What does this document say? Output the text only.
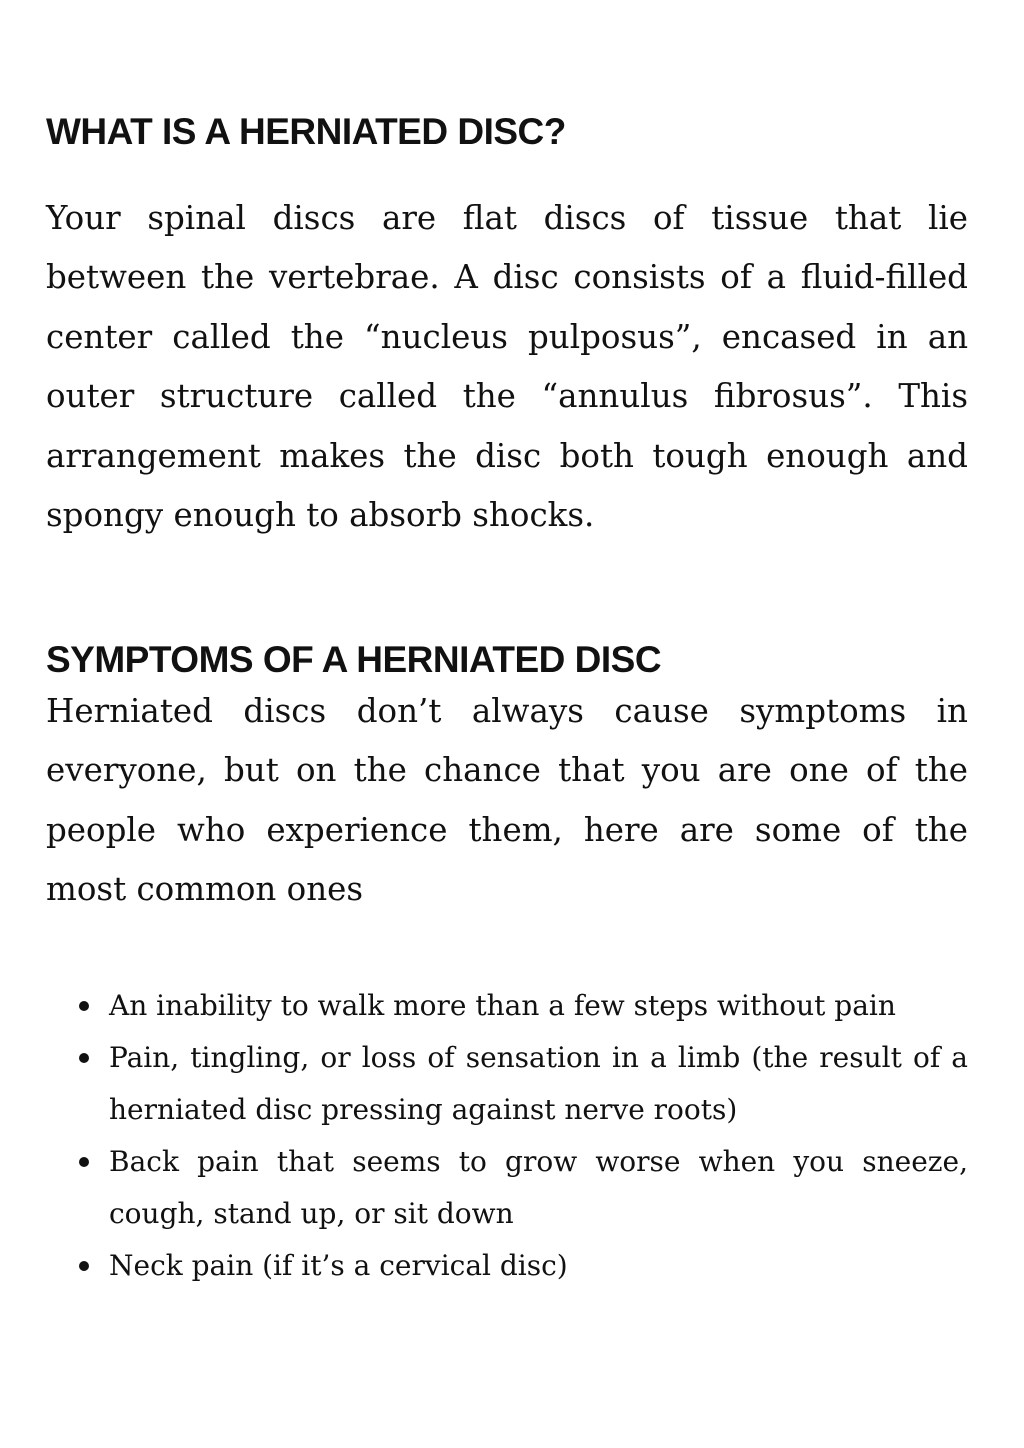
WHAT IS A HERNIATED DISC?

Your spinal discs are flat discs of tissue that lie between the vertebrae. A disc consists of a fluid-filled center called the “nucleus pulposus”, encased in an outer structure called the “annulus fibrosus”. This arrangement makes the disc both tough enough and spongy enough to absorb shocks.

SYMPTOMS OF A HERNIATED DISC

Herniated discs don’t always cause symptoms in everyone, but on the chance that you are one of the people who experience them, here are some of the most common ones

An inability to walk more than a few steps without pain
Pain, tingling, or loss of sensation in a limb (the result of a herniated disc pressing against nerve roots)
Back pain that seems to grow worse when you sneeze, cough, stand up, or sit down
Neck pain (if it’s a cervical disc)
